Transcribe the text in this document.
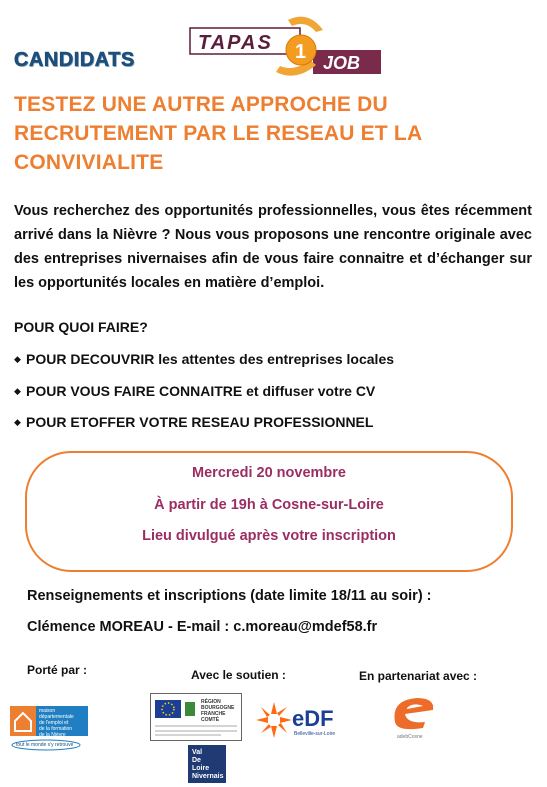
CANDIDATS
TAPAS
JOB
1
TESTEZ UNE AUTRE APPROCHE DU
RECRUTEMENT PAR LE RESEAU ET LA
CONVIVIALITE
Vous recherchez des opportunités professionnelles, vous êtes récemment arrivé dans la Nièvre ? Nous vous proposons une rencontre originale avec des entreprises nivernaises afin de vous faire connaitre et d’échanger sur les opportunités locales en matière d’emploi.
POUR QUOI FAIRE?
◆ POUR DECOUVRIR les attentes des entreprises locales
◆ POUR VOUS FAIRE CONNAITRE et diffuser votre CV
◆ POUR ETOFFER VOTRE RESEAU PROFESSIONNEL
Mercredi 20 novembre
À partir de 19h à Cosne-sur-Loire
Lieu divulgué après votre inscription
Renseignements et inscriptions (date limite 18/11 au soir) :
Clémence MOREAU - E-mail : c.moreau@mdef58.fr
Porté par :	Avec le soutien :	En partenariat avec :
maison
départementale
de l'emploi et
de la formation
de la Nièvre
tout le monde s'y retrouve
RÉGION
BOURGOGNE
FRANCHE
COMTÉ	eDF
Belleville-sur-Loire	adebCosne
Val
De
Loire
Nivernais
